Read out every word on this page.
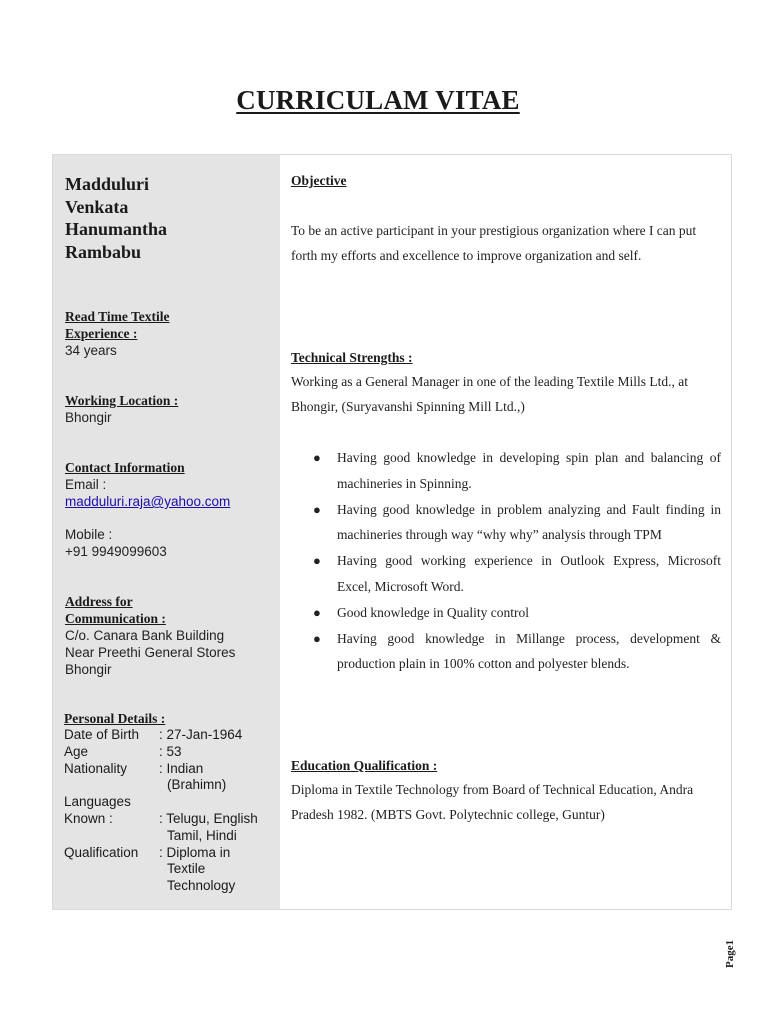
CURRICULAM VITAE
Madduluri
Venkata
Hanumantha
Rambabu
Read Time Textile
Experience :
34 years
Working Location :
Bhongir
Contact Information
Email :
madduluri.raja@yahoo.com
Mobile :
+91 9949099603
Address for
Communication :
C/o. Canara Bank Building
Near Preethi General Stores
Bhongir
Personal Details :
Date of Birth	: 27-Jan-1964
Age	: 53
Nationality	: Indian (Brahimn)
Languages
Known :	: Telugu, English Tamil, Hindi
Qualification	: Diploma in Textile Technology
Objective
To be an active participant in your prestigious organization where I can put forth my efforts and excellence to improve organization and self.
Technical Strengths :
Working as a General Manager in one of the leading Textile Mills Ltd., at Bhongir, (Suryavanshi Spinning Mill Ltd.,)
● Having good knowledge in developing spin plan and balancing of machineries in Spinning.
● Having good knowledge in problem analyzing and Fault finding in machineries through way “why why” analysis through TPM
● Having good working experience in Outlook Express, Microsoft Excel, Microsoft Word.
● Good knowledge in Quality control
● Having good knowledge in Millange process, development & production plain in 100% cotton and polyester blends.
Education Qualification :
Diploma in Textile Technology from Board of Technical Education, Andra Pradesh 1982. (MBTS Govt. Polytechnic college, Guntur)
Page1
